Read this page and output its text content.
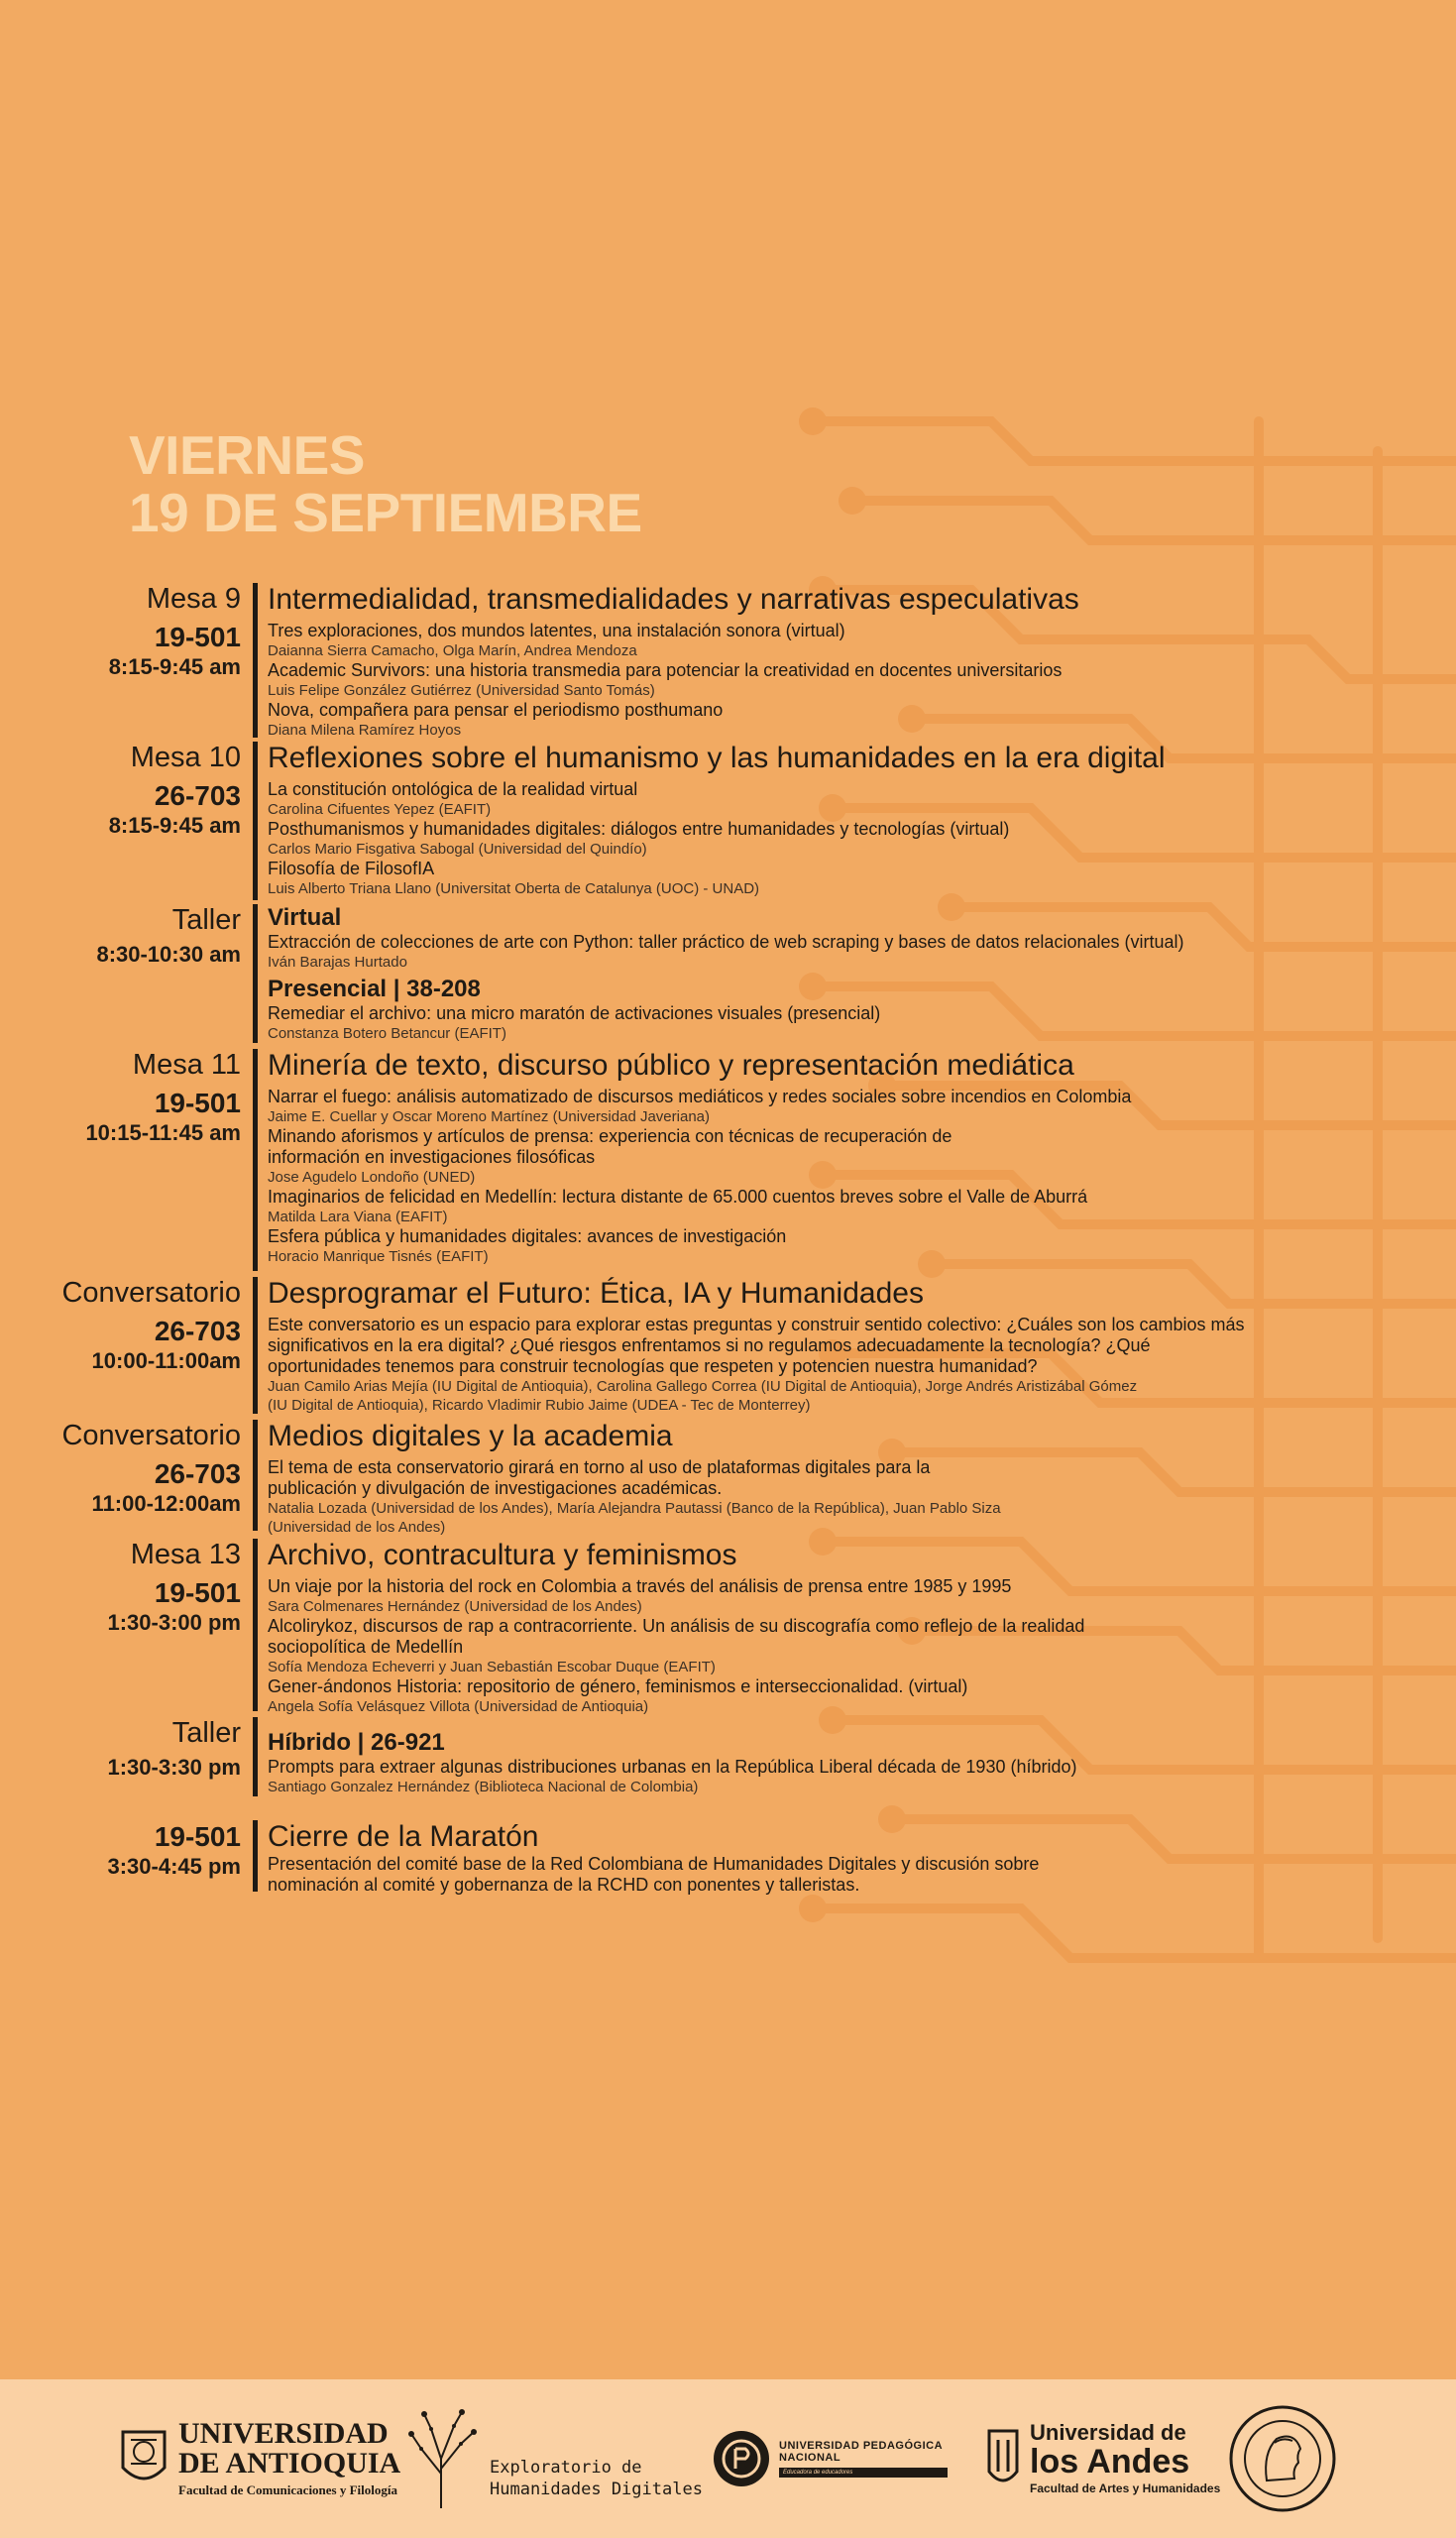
VIERNES
19 DE SEPTIEMBRE
Mesa 9
19-501
8:15-9:45 am
Intermedialidad, transmedialidades y narrativas especulativas
Tres exploraciones, dos mundos latentes, una instalación sonora (virtual)
Daianna Sierra Camacho, Olga Marín, Andrea Mendoza
Academic Survivors: una historia transmedia para potenciar la creatividad en docentes universitarios
Luis Felipe González Gutiérrez (Universidad Santo Tomás)
Nova, compañera para pensar el periodismo posthumano
Diana Milena Ramírez Hoyos
Mesa 10
26-703
8:15-9:45 am
Reflexiones sobre el humanismo y las humanidades en la era digital
La constitución ontológica de la realidad virtual
Carolina Cifuentes Yepez (EAFIT)
Posthumanismos y humanidades digitales: diálogos entre humanidades y tecnologías (virtual)
Carlos Mario Fisgativa Sabogal (Universidad del Quindío)
Filosofía de FilosofIA
Luis Alberto Triana Llano (Universitat Oberta de Catalunya (UOC) - UNAD)
Taller
8:30-10:30 am
Virtual
Extracción de colecciones de arte con Python: taller práctico de web scraping y bases de datos relacionales (virtual)
Iván Barajas Hurtado
Presencial | 38-208
Remediar el archivo: una micro maratón de activaciones visuales (presencial)
Constanza Botero Betancur (EAFIT)
Mesa 11
19-501
10:15-11:45 am
Minería de texto, discurso público y representación mediática
Narrar el fuego: análisis automatizado de discursos mediáticos y redes sociales sobre incendios en Colombia
Jaime E. Cuellar y Oscar Moreno Martínez (Universidad Javeriana)
Minando aforismos y artículos de prensa: experiencia con técnicas de recuperación de información en investigaciones filosóficas
Jose Agudelo Londoño (UNED)
Imaginarios de felicidad en Medellín: lectura distante de 65.000 cuentos breves sobre el Valle de Aburrá
Matilda Lara Viana (EAFIT)
Esfera pública y humanidades digitales: avances de investigación
Horacio Manrique Tisnés (EAFIT)
Conversatorio
26-703
10:00-11:00am
Desprogramar el Futuro: Ética, IA y Humanidades
Este conversatorio es un espacio para explorar estas preguntas y construir sentido colectivo: ¿Cuáles son los cambios más significativos en la era digital? ¿Qué riesgos enfrentamos si no regulamos adecuadamente la tecnología? ¿Qué oportunidades tenemos para construir tecnologías que respeten y potencien nuestra humanidad?
Juan Camilo Arias Mejía (IU Digital de Antioquia), Carolina Gallego Correa (IU Digital de Antioquia), Jorge Andrés Aristizábal Gómez (IU Digital de Antioquia), Ricardo Vladimir Rubio Jaime (UDEA - Tec de Monterrey)
Conversatorio
26-703
11:00-12:00am
Medios digitales y la academia
El tema de esta conservatorio girará en torno al uso de plataformas digitales para la publicación y divulgación de investigaciones académicas.
Natalia Lozada (Universidad de los Andes), María Alejandra Pautassi (Banco de la República), Juan Pablo Siza (Universidad de los Andes)
Mesa 13
19-501
1:30-3:00 pm
Archivo, contracultura y feminismos
Un viaje por la historia del rock en Colombia a través del análisis de prensa entre 1985 y 1995
Sara Colmenares Hernández (Universidad de los Andes)
Alcolirykoz, discursos de rap a contracorriente. Un análisis de su discografía como reflejo de la realidad sociopolítica de Medellín
Sofía Mendoza Echeverri y Juan Sebastián Escobar Duque (EAFIT)
Gener-ándonos Historia: repositorio de género, feminismos e interseccionalidad. (virtual)
Angela Sofía Velásquez Villota (Universidad de Antioquia)
Taller
1:30-3:30 pm
Híbrido | 26-921
Prompts para extraer algunas distribuciones urbanas en la República Liberal década de 1930 (híbrido)
Santiago Gonzalez Hernández (Biblioteca Nacional de Colombia)
19-501
3:30-4:45 pm
Cierre de la Maratón
Presentación del comité base de la Red Colombiana de Humanidades Digitales y discusión sobre nominación al comité y gobernanza de la RCHD con ponentes y talleristas.
UNIVERSIDAD
DE ANTIOQUIA
Facultad de Comunicaciones y Filología
Exploratorio de
Humanidades Digitales
UNIVERSIDAD PEDAGÓGICA
NACIONAL
Educadora de educadores
Universidad de
los Andes
Facultad de Artes y Humanidades
